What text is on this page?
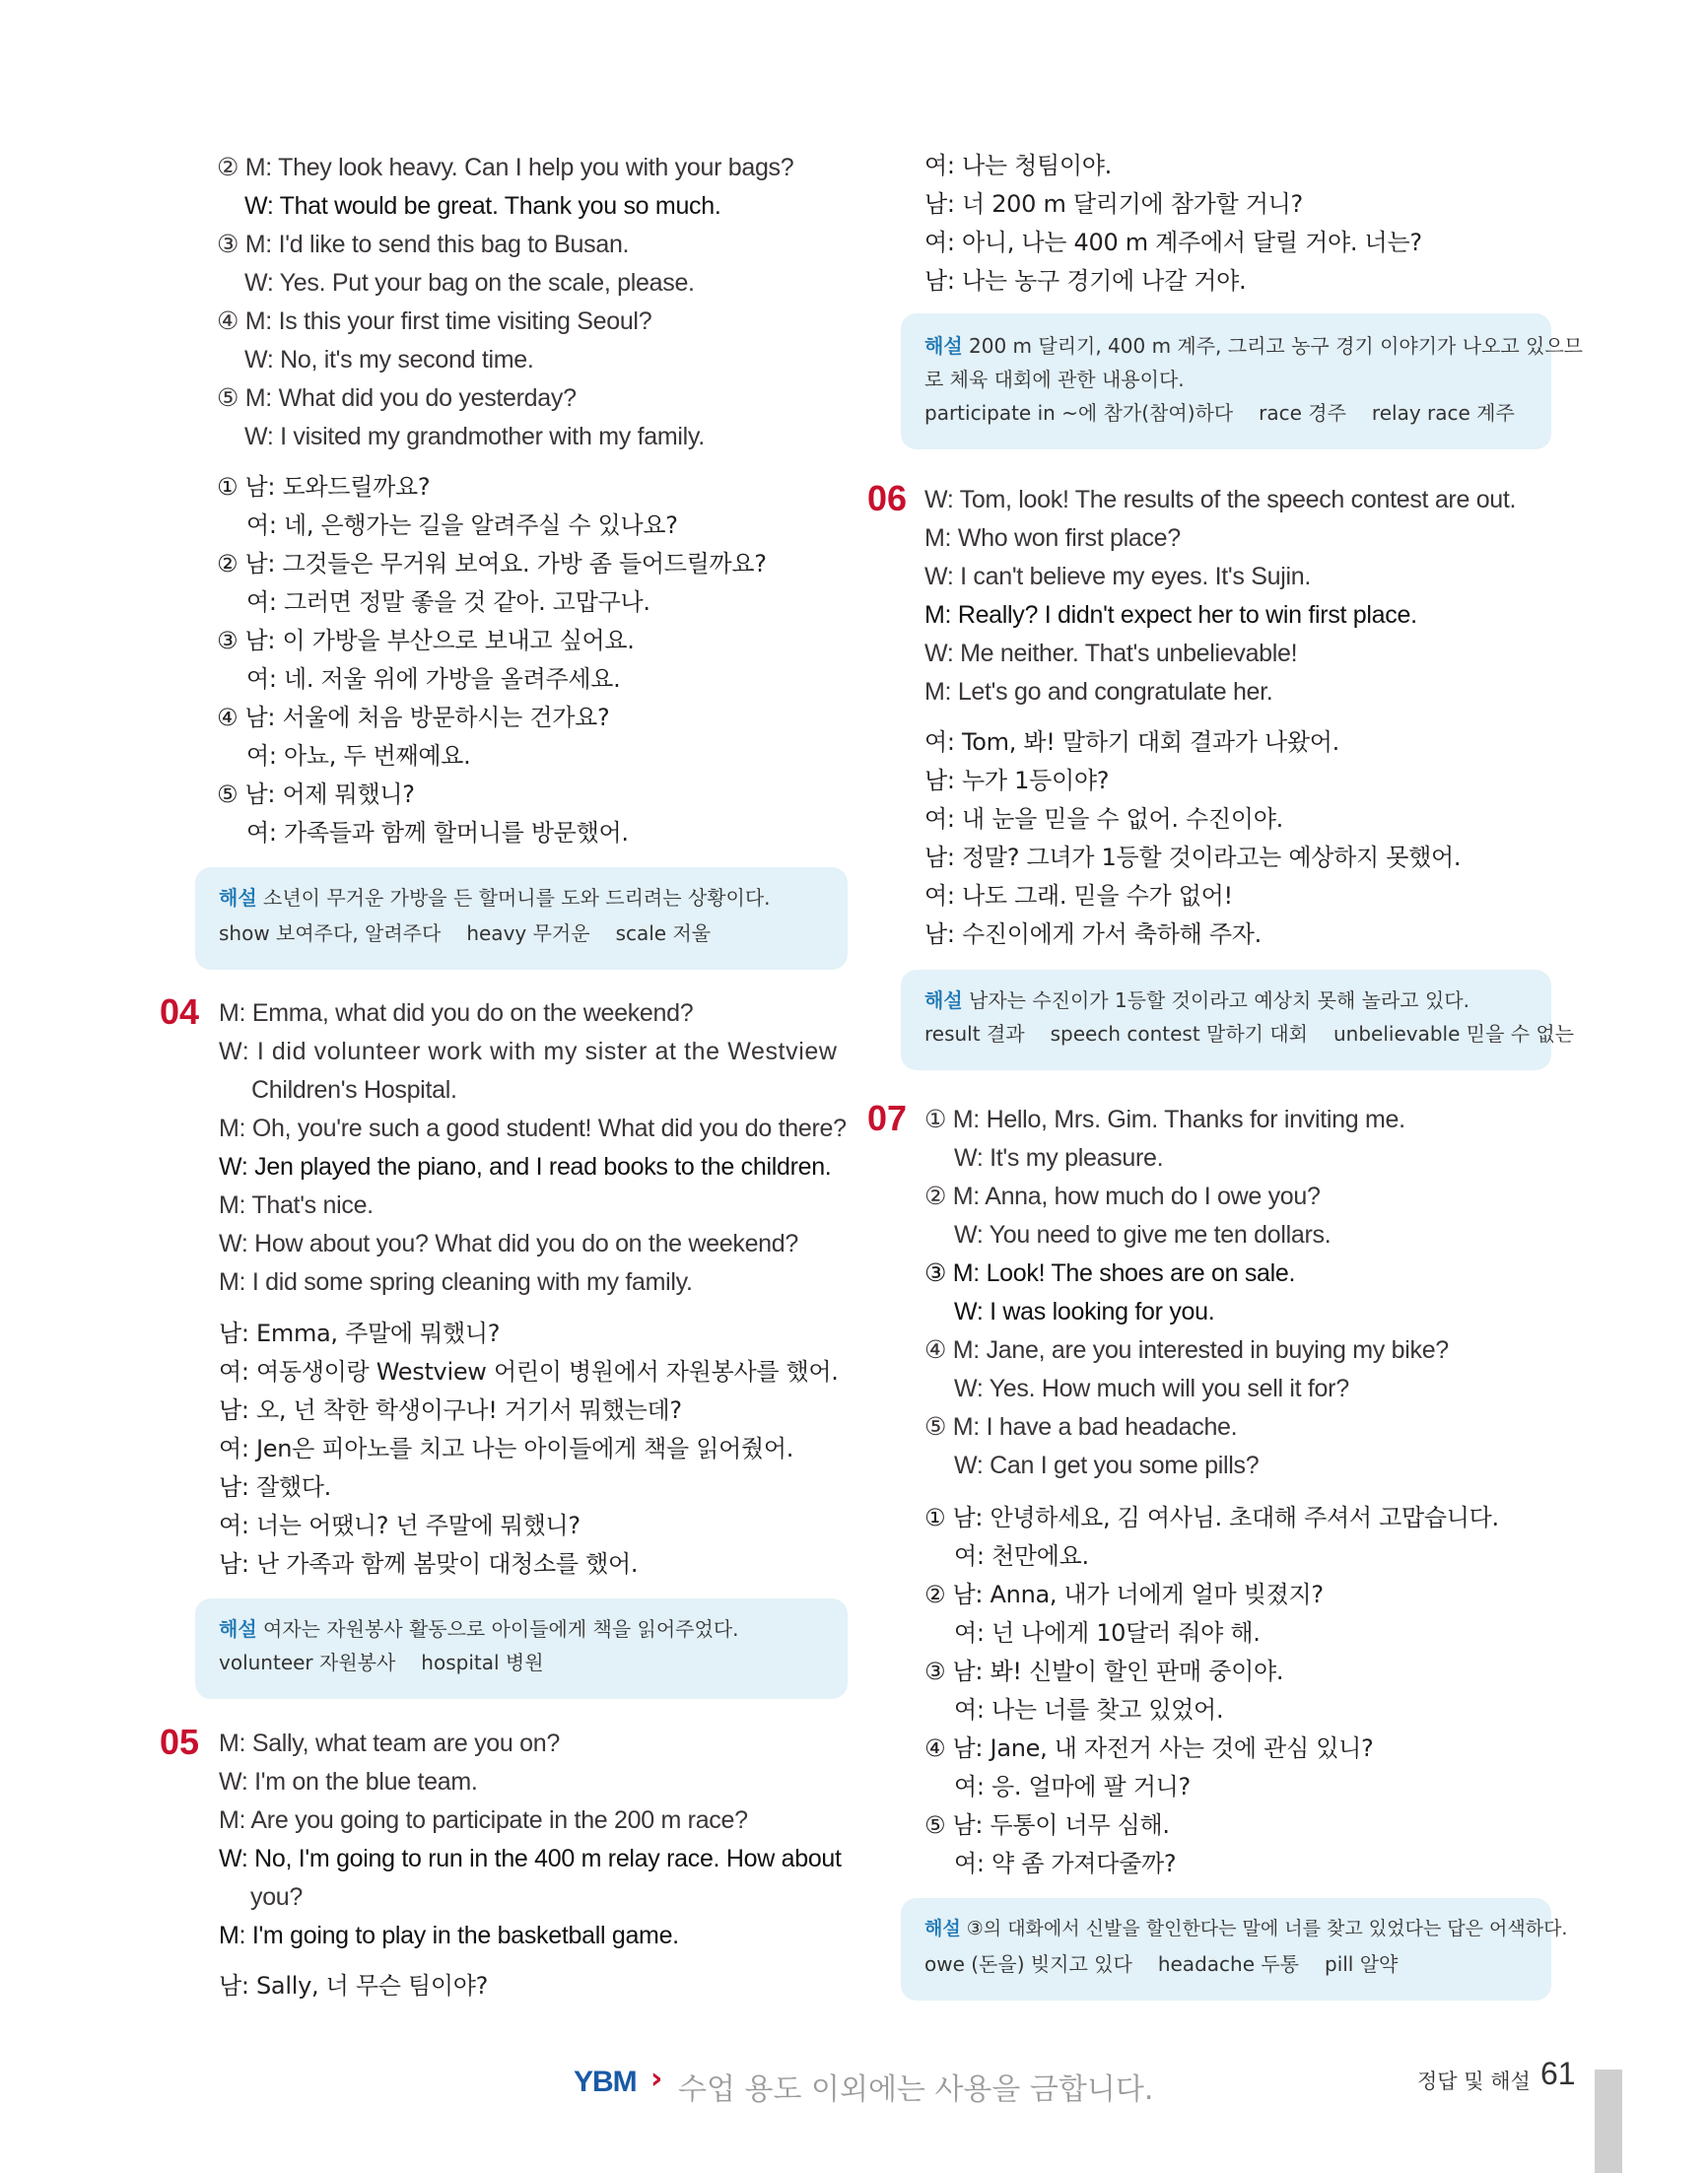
② M: They look heavy. Can I help you with your bags?
W: That would be great. Thank you so much.
③ M: I'd like to send this bag to Busan.
W: Yes. Put your bag on the scale, please.
④ M: Is this your first time visiting Seoul?
W: No, it's my second time.
⑤ M: What did you do yesterday?
W: I visited my grandmother with my family.
① 남: 도와드릴까요?
여: 네, 은행가는 길을 알려주실 수 있나요?
② 남: 그것들은 무거워 보여요. 가방 좀 들어드릴까요?
여: 그러면 정말 좋을 것 같아. 고맙구나.
③ 남: 이 가방을 부산으로 보내고 싶어요.
여: 네. 저울 위에 가방을 올려주세요.
④ 남: 서울에 처음 방문하시는 건가요?
여: 아뇨, 두 번째예요.
⑤ 남: 어제 뭐했니?
여: 가족들과 함께 할머니를 방문했어.
해설 소년이 무거운 가방을 든 할머니를 도와 드리려는 상황이다.
show 보여주다, 알려주다 heavy 무거운 scale 저울
04 M: Emma, what did you do on the weekend?
W: I did volunteer work with my sister at the Westview
Children's Hospital.
M: Oh, you're such a good student! What did you do there?
W: Jen played the piano, and I read books to the children.
M: That's nice.
W: How about you? What did you do on the weekend?
M: I did some spring cleaning with my family.
남: Emma, 주말에 뭐했니?
여: 여동생이랑 Westview 어린이 병원에서 자원봉사를 했어.
남: 오, 넌 착한 학생이구나! 거기서 뭐했는데?
여: Jen은 피아노를 치고 나는 아이들에게 책을 읽어줬어.
남: 잘했다.
여: 너는 어땠니? 넌 주말에 뭐했니?
남: 난 가족과 함께 봄맞이 대청소를 했어.
해설 여자는 자원봉사 활동으로 아이들에게 책을 읽어주었다.
volunteer 자원봉사 hospital 병원
05 M: Sally, what team are you on?
W: I'm on the blue team.
M: Are you going to participate in the 200 m race?
W: No, I'm going to run in the 400 m relay race. How about
you?
M: I'm going to play in the basketball game.
남: Sally, 너 무슨 팀이야?
여: 나는 청팀이야.
남: 너 200 m 달리기에 참가할 거니?
여: 아니, 나는 400 m 계주에서 달릴 거야. 너는?
남: 나는 농구 경기에 나갈 거야.
해설 200 m 달리기, 400 m 계주, 그리고 농구 경기 이야기가 나오고 있으므
로 체육 대회에 관한 내용이다.
participate in ~에 참가(참여)하다 race 경주 relay race 계주
06 W: Tom, look! The results of the speech contest are out.
M: Who won first place?
W: I can't believe my eyes. It's Sujin.
M: Really? I didn't expect her to win first place.
W: Me neither. That's unbelievable!
M: Let's go and congratulate her.
여: Tom, 봐! 말하기 대회 결과가 나왔어.
남: 누가 1등이야?
여: 내 눈을 믿을 수 없어. 수진이야.
남: 정말? 그녀가 1등할 것이라고는 예상하지 못했어.
여: 나도 그래. 믿을 수가 없어!
남: 수진이에게 가서 축하해 주자.
해설 남자는 수진이가 1등할 것이라고 예상치 못해 놀라고 있다.
result 결과 speech contest 말하기 대회 unbelievable 믿을 수 없는
07 ① M: Hello, Mrs. Gim. Thanks for inviting me.
W: It's my pleasure.
② M: Anna, how much do I owe you?
W: You need to give me ten dollars.
③ M: Look! The shoes are on sale.
W: I was looking for you.
④ M: Jane, are you interested in buying my bike?
W: Yes. How much will you sell it for?
⑤ M: I have a bad headache.
W: Can I get you some pills?
① 남: 안녕하세요, 김 여사님. 초대해 주셔서 고맙습니다.
여: 천만에요.
② 남: Anna, 내가 너에게 얼마 빚졌지?
여: 넌 나에게 10달러 줘야 해.
③ 남: 봐! 신발이 할인 판매 중이야.
여: 나는 너를 찾고 있었어.
④ 남: Jane, 내 자전거 사는 것에 관심 있니?
여: 응. 얼마에 팔 거니?
⑤ 남: 두통이 너무 심해.
여: 약 좀 가져다줄까?
해설 ③의 대화에서 신발을 할인한다는 말에 너를 찾고 있었다는 답은 어색하다.
owe (돈을) 빚지고 있다 headache 두통 pill 알약
YBM › 수업 용도 이외에는 사용을 금합니다.	정답 및 해설 61
